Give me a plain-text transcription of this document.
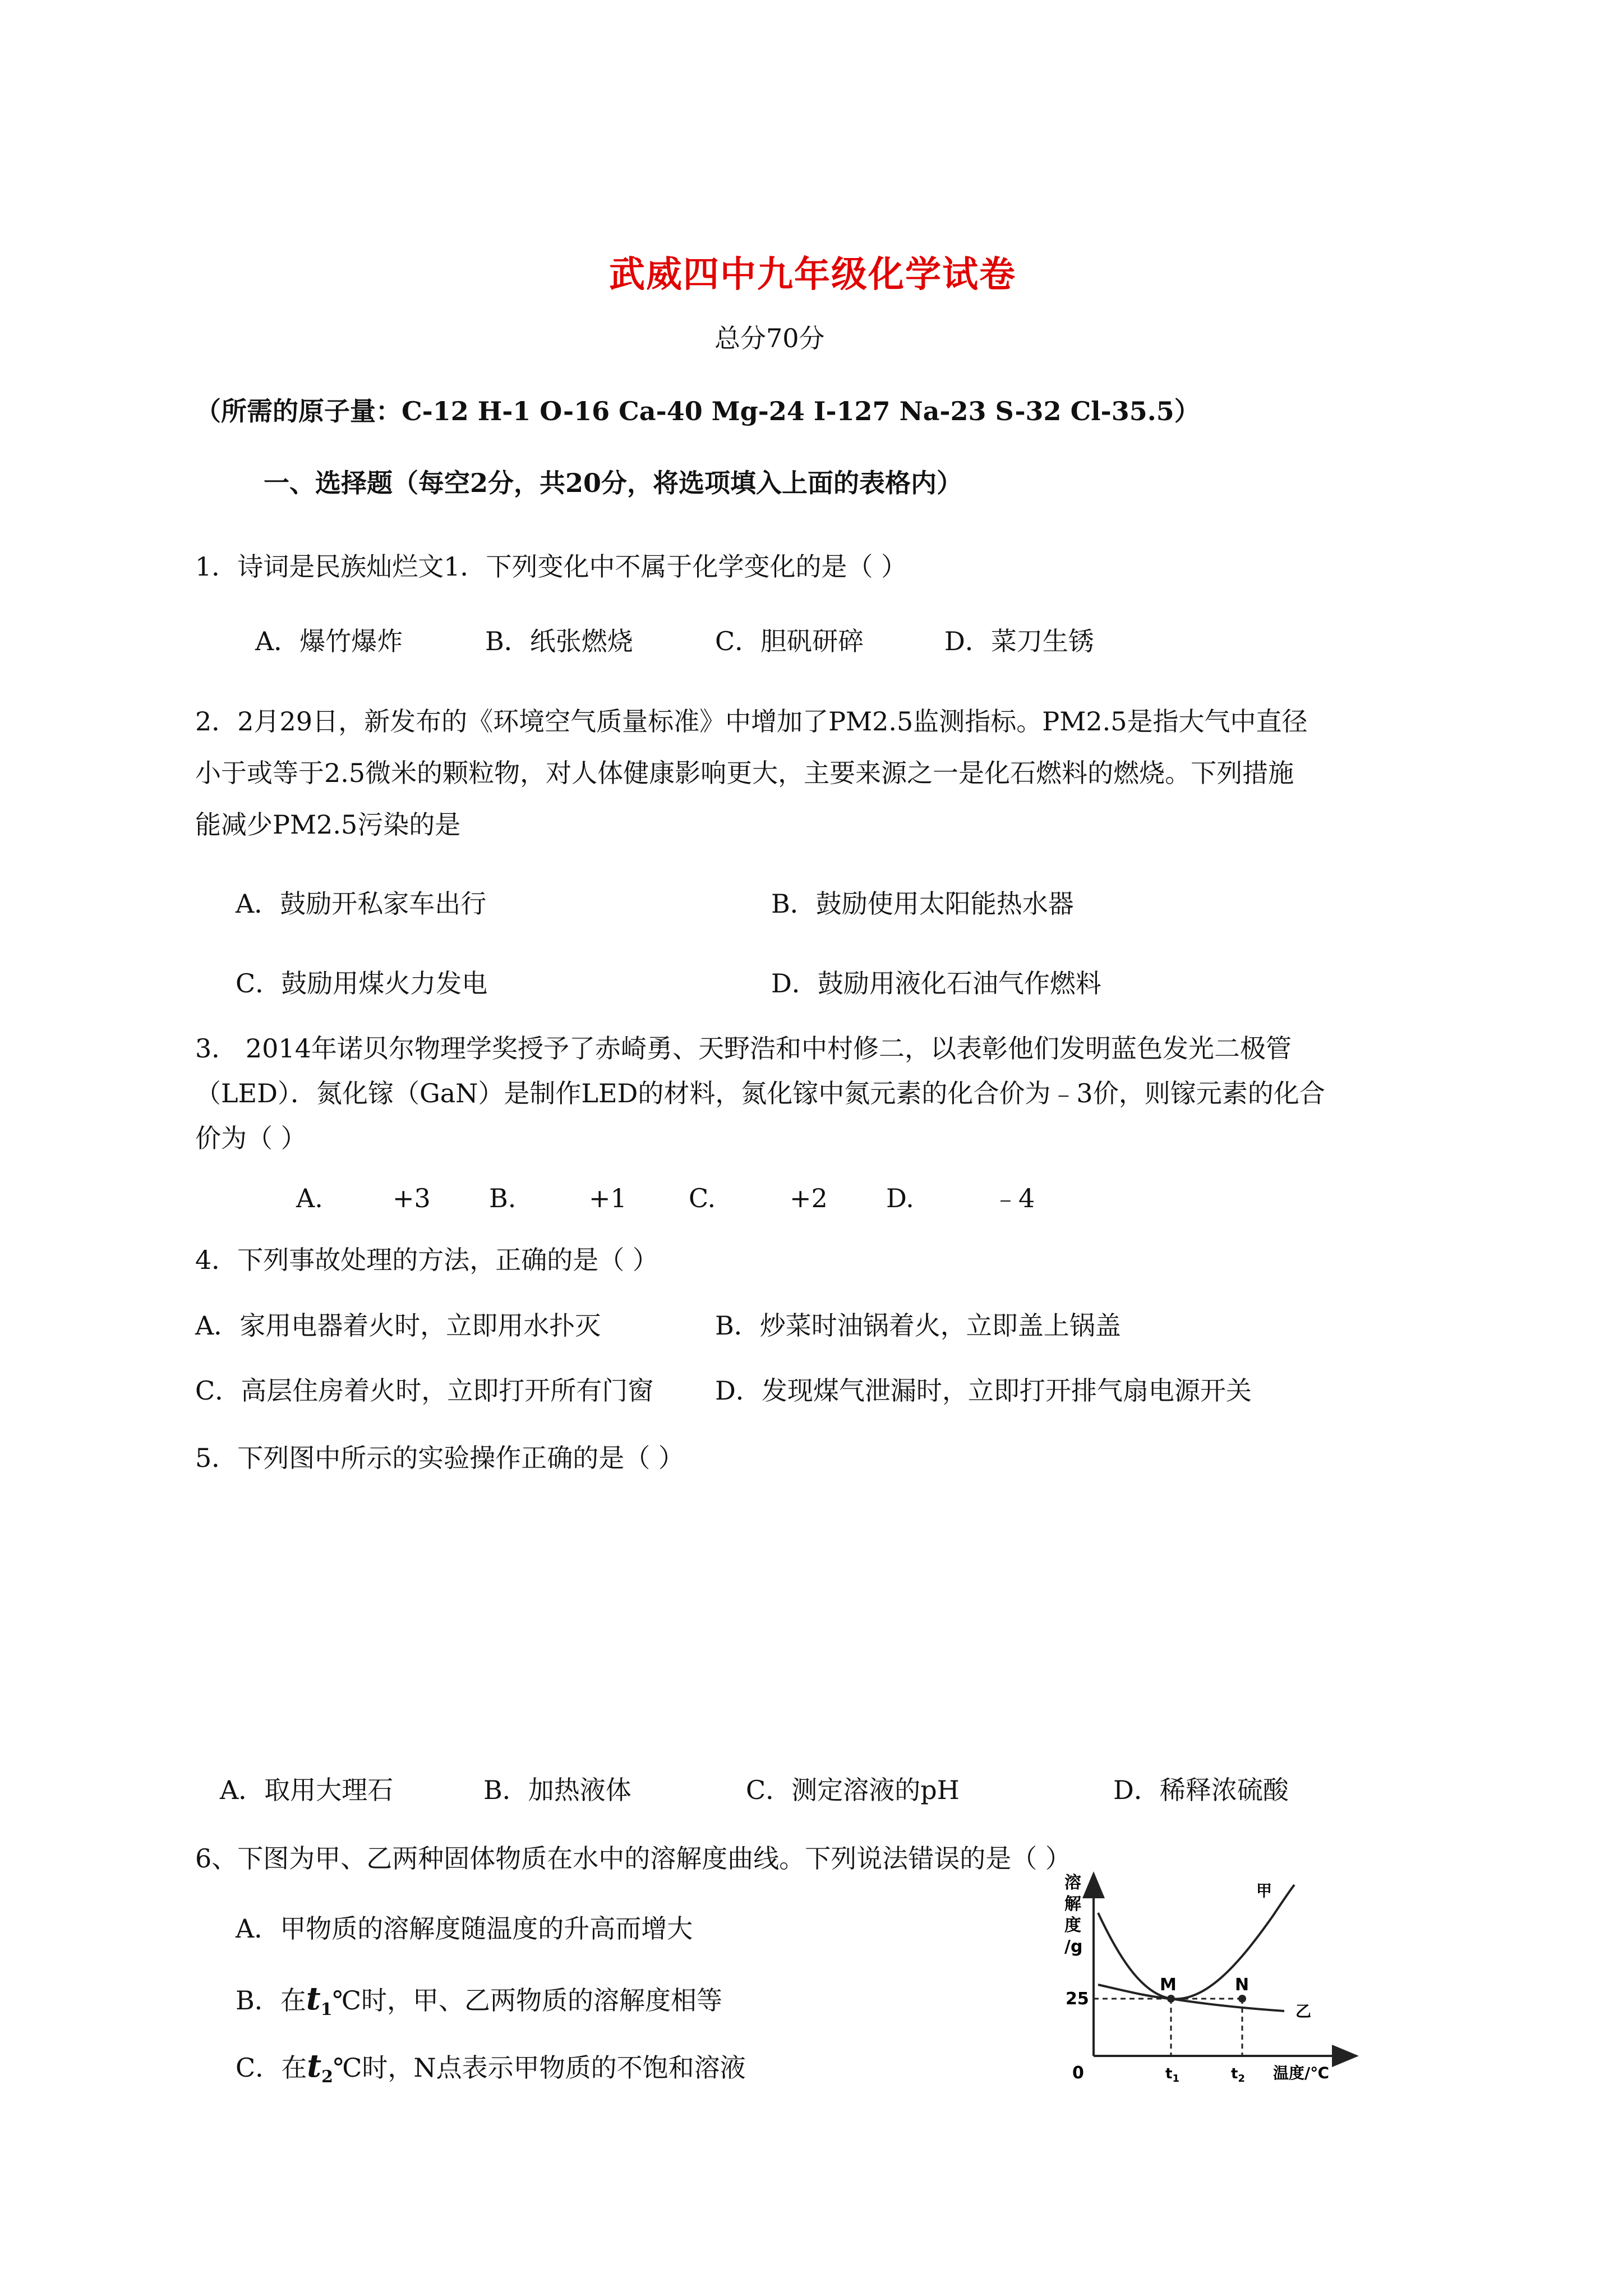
武威四中九年级化学试卷
总分70分
（所需的原子量：C-12 H-1 O-16 Ca-40 Mg-24 I-127 Na-23 S-32 Cl-35.5）
一、选择题（每空2分，共20分，将选项填入上面的表格内）
1．诗词是民族灿烂文1．下列变化中不属于化学变化的是（ ）
A．爆竹爆炸	B．纸张燃烧	C．胆矾研碎	D．菜刀生锈
2．2月29日，新发布的《环境空气质量标准》中增加了PM2.5监测指标。PM2.5是指大气中直径
小于或等于2.5微米的颗粒物，对人体健康影响更大，主要来源之一是化石燃料的燃烧。下列措施
能减少PM2.5污染的是
A．鼓励开私家车出行	B．鼓励使用太阳能热水器
C．鼓励用煤火力发电	D．鼓励用液化石油气作燃料
3． 2014年诺贝尔物理学奖授予了赤崎勇、天野浩和中村修二，以表彰他们发明蓝色发光二极管
（LED）．氮化镓（GaN）是制作LED的材料，氮化镓中氮元素的化合价为﹣3价，则镓元素的化合
价为（ ）
A.	+3 B.	+1 C.	+2 D.	﹣4
4．下列事故处理的方法，正确的是（ ）
A．家用电器着火时，立即用水扑灭	B．炒菜时油锅着火，立即盖上锅盖
C．高层住房着火时，立即打开所有门窗 D．发现煤气泄漏时，立即打开排气扇电源开关
5．下列图中所示的实验操作正确的是（ ）
A．取用大理石	B．加热液体	C．测定溶液的pH	D．稀释浓硫酸
6、下图为甲、乙两种固体物质在水中的溶解度曲线。下列说法错误的是（ ）
A．甲物质的溶解度随温度的升高而增大
B．在$t_1℃$时，甲、乙两物质的溶解度相等
C．在$t_2℃$时，N点表示甲物质的不饱和溶液
溶
解
度
/g
25
0	温度/℃
$t_1$	$t_2$
M	N
甲
乙
